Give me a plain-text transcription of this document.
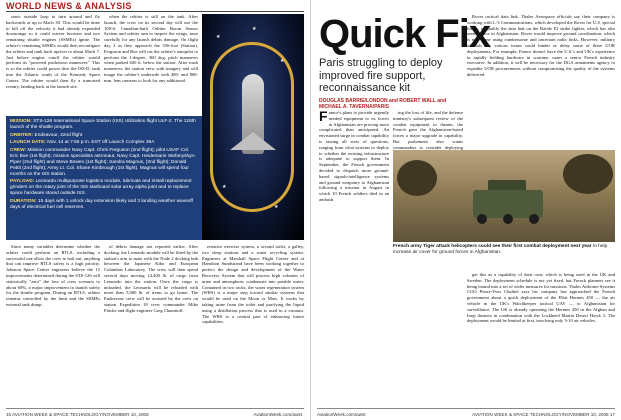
WORLD NEWS & ANALYSIS

sonic outside loop to turn around and fly backwards at up to Mach 30. This would be done to kill off the velocity it had already expended downrange so it could waiver boosters and two remaining shuttle engines (SSMEs) ignite. The orbiter's remaining SSMEs would then reconfigure the orbiter and rank back upriver to about Mach 7. Just before engine cutoff the orbiter would perform its "powered pitchdown maneuver." This is so the orbiter could power dive the ISS-D, tank into the Atlantic south of the Kennedy Space Center. The orbiter would then fly a truncated reentry, landing back at the launch site.

when the orbiter is still on the tank. After launch, the crew on its second day will use the 100-ft. Canadian-built Orbiter Boom Sensor System and orbiter arm to inspect the wings, nose carefully for any launch debris damage. On flight day 3 as they approach the 356-foot (Station), Ferguson and Boe will cut the orbiter's autopilot to perform the 1-degree, 360 deg. pitch maneuver when parked 600 ft. below the station. After trash maneuver, the station crew with imagery and will image the orbiter's underside with 400- and 800-mm. lens cameras to look for any additional.

★
★
★
★
★

MISSION: STS-126 International Space Station (ISS) Utilization flight ULF-2. The 126th launch of the shuttle program.

ORBITER: Endeavour, 22nd flight

LAUNCH DATE: Nov. 14 at 7:55 p.m. EST off Launch Complex 39A

CREW: Mission commander Navy Capt. Chris Ferguson (2nd flight); pilot USAF Col. Eric Boe (1st flight); mission specialists astronaut, Navy Capt. Heidemarie Stefanyshyn-Piper (2nd flight) and Steve Bowen (1st flight); Sandra Magnus, (2nd flight); Donald Pettit (2nd flight); Army Lt. Col. Shane Kimbrough (1st flight). Magnus will spend four months on the ISS station.

PAYLOAD: Leonardo multipurpose logistics module, lubricate and install replacement grinders on the rotary joint of the ISS starboard solar array alpha joint and to replace space hardware stored outside ISS.

DURATION: 15 days with 1 unlock day extension likely and 3 landing weather waveoff days of electrical fuel cell reserves.

Since many variables determine whether the orbiter could perform an RTLS, including a successful one allow the crew to bail out, anything that can improve RTLS safety is a high priority. Johnson Space Center engineers believe the 15 improvements determined during the STS-126 will statistically "zero" the loss of crew scenario to about 60%, a major improvement in launch safety for the shuttle program. During an RTLS, orbiter remains controlled by the limit and the SSMEs external tank dump.

of debris damage not reported earlier. After docking, the Leonardo module will be lifted by the station's arm to mate with the Node 2 docking hub between the Japanese Kibo and European Columbus Laboratory. The crew will then spend several days moving 14,400 lb. of cargo from Leonardo into the station. Once the cargo is unloaded, the Leonardo will be reloaded with more than 5,000 lb. of items to go home. The Endeavour crew will be assisted by the crew on station Expedition 18 crew commander Mike Fincke and flight engineer Greg Chamitoff.

resistive exercise system, a second toilet, a galley, two sleep stations and a water recycling system. Engineers at Marshall Space Flight Center and at Hamilton Sundstrand have been working together to perfect the design and development of the Water Recovery System that will process high volumes of urine and atmospheric condensate into potable water. Contained in two racks, the water regeneration system (WRS) is a major step toward similar systems that would be used on the Moon or Mars. It works by taking urine from the toilet and purifying the liquid using a distillation process that is used in a vacuum. The WRS is a central part of enhancing future capabilities.

16 AVIATION WEEK & SPACE TECHNOLOGY/NOVEMBER 10, 2008	AviationWeek.com/awst
Quick Fix
Paris struggling to deploy improved fire support, reconnaissance kit
DOUGLAS BARRIE/LONDON and ROBERT WALL and MICHAEL A. TAVERNA/PARIS

France's plans to provide urgently needed equipment to its forces in Afghanistan are proving more complicated than anticipated. An envisioned surge in combat capability is raising all sorts of questions, ranging from what systems to deploy to whether the existing infrastructure is adequate to support them. In September, the French government decided to dispatch more ground-based signals-intelligence systems and ground weaponry to Afghanistan following a mission in August in which 10 French soldiers died in an ambush.

ing the loss of life, and the defense ministry's subsequent review of the combat equipment in theater, the French gave the Afghanistan-based forces a major upgrade in capability. But parliament also wants commanders to consider deploying

Rover tactical data link. Thales Aerospace officials say their company is working with L-3 Communications, which developed the Rover for U.S. special forces, to qualify the data link on the Rafale F2 strike fighter, which has also seen service in Afghanistan. Rover would improve ground coordination, which is now done using cumbersome and uncertain radio links. However, military officials say various issues could hinder or delay some of these UOR deployments. For example, France doesn't have the U.S.'s and UK's experience in rapidly fielding hardware in wartime, notes a senior French industry executive. In addition, it will be necessary for the DGA armaments agency to expedite UOR procurements without compromising the quality of the systems delivered.

French army Tiger attack helicopters could see their first combat deployment next year to help increase air cover for ground forces in Afghanistan.

get this as a capability of their own, which is being used in the UK and Sweden. The deployment schedule is not yet fixed, but French planners see it being bound into a set of wider measures for missions. Thales Airborne Systems COO Pierre-Yves Chaltiel says his company has approached the French government about a quick deployment of the Elbit Hermes 450 — the air vehicle in the UK's Watchkeeper tactical UAV — to Afghanistan for surveillance. The UK is already operating the Hermes 450 in the Afghan and Iraqi theaters in combination with the Lockheed Martin Desert Hawk 3. The deployment would be limited at first, involving only 3-10 air vehicles.

AviationWeek.com/awst	AVIATION WEEK & SPACE TECHNOLOGY/NOVEMBER 10, 2008 17
